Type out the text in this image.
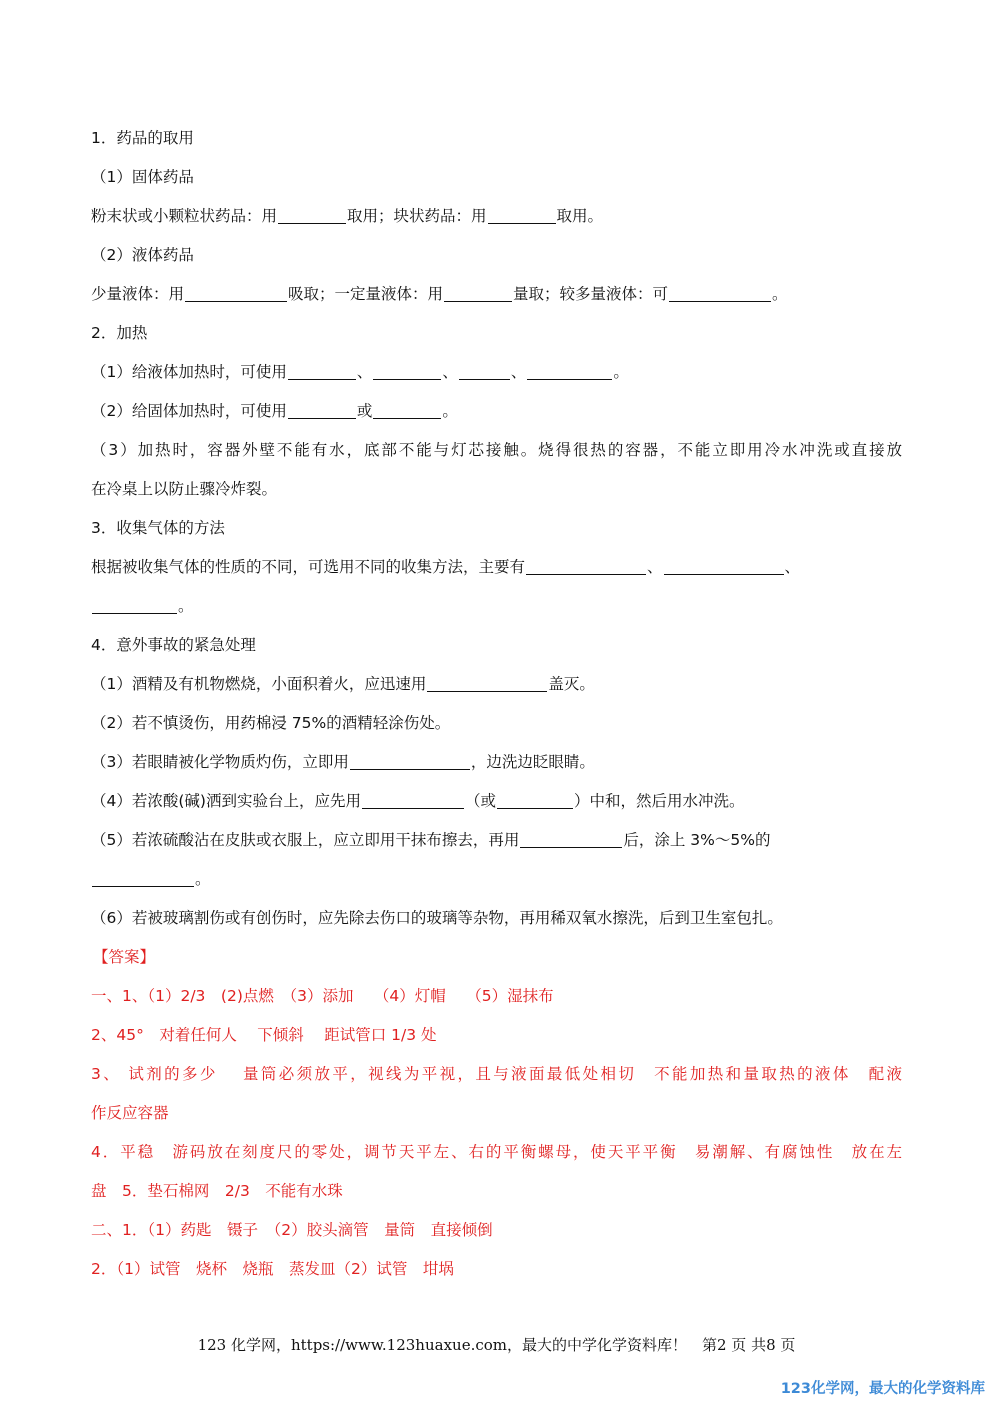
1．药品的取用
（1）固体药品
粉末状或小颗粒状药品：用	取用；块状药品：用	取用。
（2）液体药品
少量液体：用	吸取；一定量液体：用	量取；较多量液体：可	。
2．加热
（1）给液体加热时，可使用	、	、	、	。
（2）给固体加热时，可使用	或	。
（3）加热时，容器外壁不能有水，底部不能与灯芯接触。烧得很热的容器，不能立即用冷水冲洗或直接放
在冷桌上以防止骤冷炸裂。
3．收集气体的方法
根据被收集气体的性质的不同，可选用不同的收集方法，主要有	、	、
。
4．意外事故的紧急处理
（1）酒精及有机物燃烧，小面积着火，应迅速用	盖灭。
（2）若不慎烫伤，用药棉浸 75%的酒精轻涂伤处。
（3）若眼睛被化学物质灼伤，立即用	，边洗边眨眼睛。
（4）若浓酸(碱)洒到实验台上，应先用	（或	）中和，然后用水冲洗。
（5）若浓硫酸沾在皮肤或衣服上，应立即用干抹布擦去，再用	后，涂上 3%～5%的
。
（6）若被玻璃割伤或有创伤时，应先除去伤口的玻璃等杂物，再用稀双氧水擦洗，后到卫生室包扎。
【答案】
一、1、（1）2/3　(2)点燃　（3）添加　 （4）灯帽　 （5）湿抹布
2、45°　对着任何人　 下倾斜　 距试管口 1/3 处
3、 试剂的多少　 量筒必须放平，视线为平视，且与液面最低处相切　不能加热和量取热的液体　配液
作反应容器
4．平稳　游码放在刻度尺的零处，调节天平左、右的平衡螺母，使天平平衡　易潮解、有腐蚀性　放在左
盘　5．垫石棉网　2/3　不能有水珠
二、1．（1）药匙　镊子　（2）胶头滴管　量筒　直接倾倒
2．（1）试管　烧杯　烧瓶　蒸发皿（2）试管　坩埚
123 化学网，https://www.123huaxue.com，最大的中学化学资料库！　第2 页 共8 页
123化学网，最大的化学资料库
